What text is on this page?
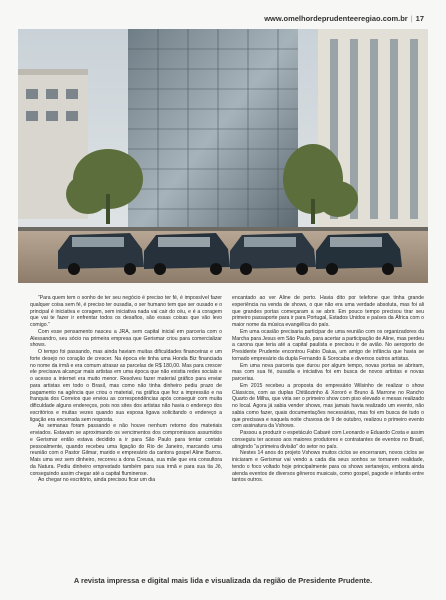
www.omelhordeprudenteeregiao.com.br | 17

“Para quem tem o sonho de ter seu negócio é preciso ter fé, é impossível fazer qualquer coisa sem fé, é preciso ter ousadia, o ser humano tem que ser ousado e o principal é iniciativa e coragem, sem iniciativa nada vai cair do céu, e é a coragem que vai te fazer ir enfrentar todos os desafios, são essas coisas que vão levo comigo.”

Com esse pensamento nasceu a JRA, sem capital inicial em parceria com o Alessandro, seu sócio na primeira empresa que Gerismar criou para comercializar shows.

O tempo foi passando, mas ainda haviam muitas dificuldades financeiras e um forte desejo no coração de crescer. Na época ele tinha uma Honda Biz financiada no nome da irmã e era comum atrasar as parcelas de R$ 180,00. Mas para crescer ele precisava alcançar mais artistas em uma época que não existia redes sociais e o acesso a internet era muito menor. Resolveu fazer material gráfico para enviar para artistas em todo o Brasil, mas como não tinha dinheiro pediu prazo de pagamento na agência que criou o material, na gráfica que fez a impressão e na franquia dos Correios que enviou as correspondências após conseguir com muita dificuldade alguns endereços, pois nos sites dos artistas não havia o endereço dos escritórios e muitas vezes quando sua esposa ligava solicitando o endereço a ligação era encerrada sem resposta.

As semanas foram passando e não houve nenhum retorno dos materiais enviados. Estavam se aproximando os vencimentos dos compromissos assumidos e Gerismar então estava decidido a ir para São Paulo para tentar contato pessoalmente, quando recebeu uma ligação do Rio de Janeiro, marcando uma reunião com o Pastor Gilmar, marido e empresário da cantora gospel Aline Barros. Mais uma vez sem dinheiro, recorreu a dona Creusa, sua mãe que era consultora da Natura. Pediu dinheiro emprestado também para sua irmã e para sua tia Jô, conseguindo assim chegar até a capital fluminense.

Ao chegar no escritório, ainda precisou ficar um dia

encantado ao ver Aline de perto. Havia dito por telefone que tinha grande experiência na venda de shows, o que não era uma verdade absoluta, mas foi ali que grandes portas começaram a se abrir. Em pouco tempo precisou tirar seu primeiro passaporte para ir para Portugal, Estados Unidos e países da África com o maior nome da música evangélica do país.

Em uma ocasião precisaria participar de uma reunião com os organizadores da Marcha para Jesus em São Paulo, para acertar a participação de Aline, mas perdeu a carona que teria até a capital paulista e precisou ir de avião. No aeroporto de Presidente Prudente encontrou Fabio Daiua, um amigo de infância que havia se tornado empresário da dupla Fernando & Sorocaba e diversos outros artistas.

Em uma nova parceria que durou por algum tempo, novas portas se abriram, mas com sua fé, ousadia e iniciativa foi em busca de novos artistas e novas parcerias.

Em 2015 recebeu a proposta do empresário Wilsinho de realizar o show Clássicos, com as duplas Chitãozinho & Xororó e Bruno & Marrone no Rancho Quarto de Milha, que viria ser o primeiro show com piso elevado e mesas realizado no local. Agora já sabia vender shows, mas jamais havia realizado um evento, não sabia como fazer, quais documentações necessárias, mas foi em busca de tudo o que precisava e naquela noite chuvosa de 9 de outubro, realizou o primeiro evento com assinatura da Vshows.

Passou a produzir o espetáculo Cabaré com Leonardo e Eduardo Costa e assim conseguiu ter acesso aos maiores produtores e contratantes de eventos no Brasil, atingindo “a primeira divisão” do setor no país.

Nestes 14 anos do projeto Vshows muitos ciclos se encerraram, novos ciclos se iniciaram e Gerismar vai vendo a cada dia seus sonhos se tornarem realidade, tendo o foco voltado hoje principalmente para os shows sertanejos, embora ainda atenda eventos de diversos gêneros musicais, como gospel, pagode e infantis entre tantos outros.

A revista impressa e digital mais lida e visualizada da região de Presidente Prudente.
